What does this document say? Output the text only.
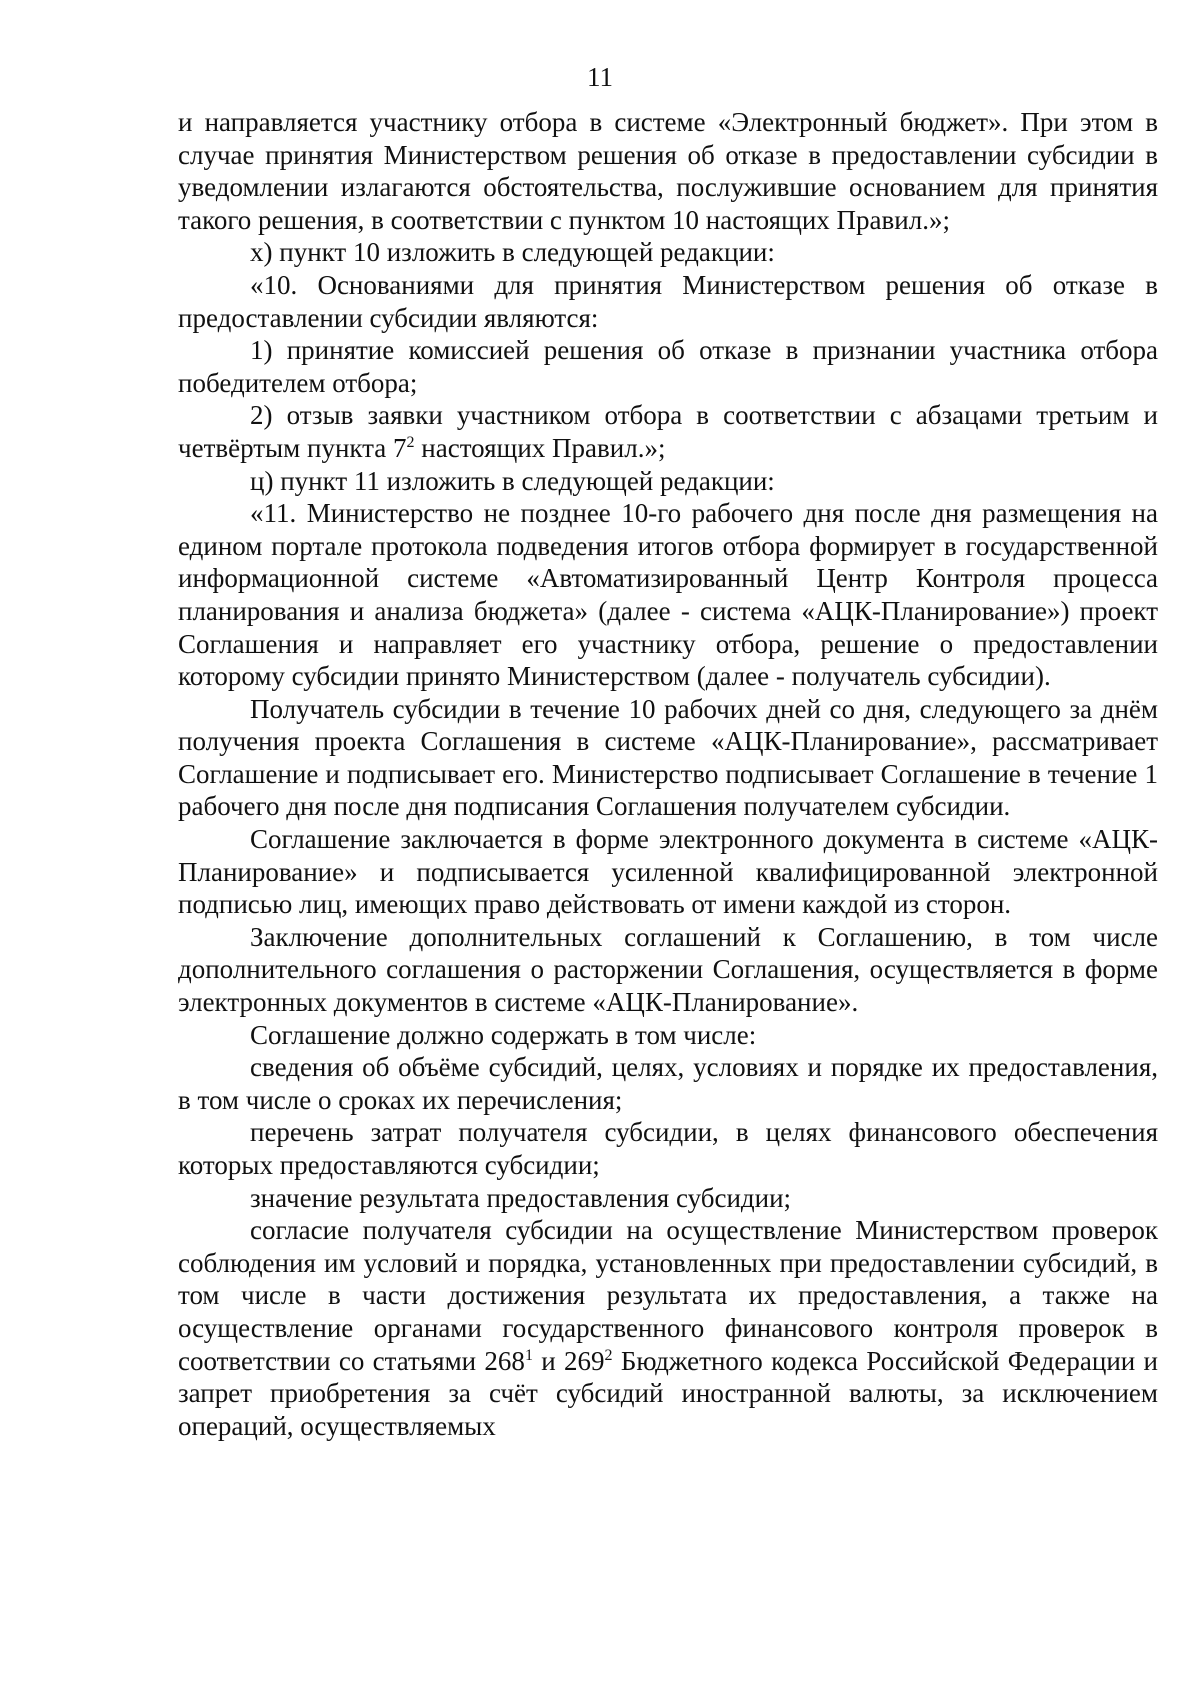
11

и направляется участнику отбора в системе «Электронный бюджет». При этом в случае принятия Министерством решения об отказе в предоставлении субсидии в уведомлении излагаются обстоятельства, послужившие основанием для принятия такого решения, в соответствии с пунктом 10 настоящих Правил.»;

х) пункт 10 изложить в следующей редакции:

«10. Основаниями для принятия Министерством решения об отказе в предоставлении субсидии являются:

1) принятие комиссией решения об отказе в признании участника отбора победителем отбора;

2) отзыв заявки участником отбора в соответствии с абзацами третьим и четвёртым пункта $7^2$ настоящих Правил.»;

ц) пункт 11 изложить в следующей редакции:

«11. Министерство не позднее 10-го рабочего дня после дня размещения на едином портале протокола подведения итогов отбора формирует в государственной информационной системе «Автоматизированный Центр Контроля процесса планирования и анализа бюджета» (далее - система «АЦК-Планирование») проект Соглашения и направляет его участнику отбора, решение о предоставлении которому субсидии принято Министерством (далее - получатель субсидии).

Получатель субсидии в течение 10 рабочих дней со дня, следующего за днём получения проекта Соглашения в системе «АЦК-Планирование», рассматривает Соглашение и подписывает его. Министерство подписывает Соглашение в течение 1 рабочего дня после дня подписания Соглашения получателем субсидии.

Соглашение заключается в форме электронного документа в системе «АЦК-Планирование» и подписывается усиленной квалифицированной электронной подписью лиц, имеющих право действовать от имени каждой из сторон.

Заключение дополнительных соглашений к Соглашению, в том числе дополнительного соглашения о расторжении Соглашения, осуществляется в форме электронных документов в системе «АЦК-Планирование».

Соглашение должно содержать в том числе:

сведения об объёме субсидий, целях, условиях и порядке их предоставления, в том числе о сроках их перечисления;

перечень затрат получателя субсидии, в целях финансового обеспечения которых предоставляются субсидии;

значение результата предоставления субсидии;

согласие получателя субсидии на осуществление Министерством проверок соблюдения им условий и порядка, установленных при предоставлении субсидий, в том числе в части достижения результата их предоставления, а также на осуществление органами государственного финансового контроля проверок в соответствии со статьями $268^1$ и $269^2$ Бюджетного кодекса Российской Федерации и запрет приобретения за счёт субсидий иностранной валюты, за исключением операций, осуществляемых
